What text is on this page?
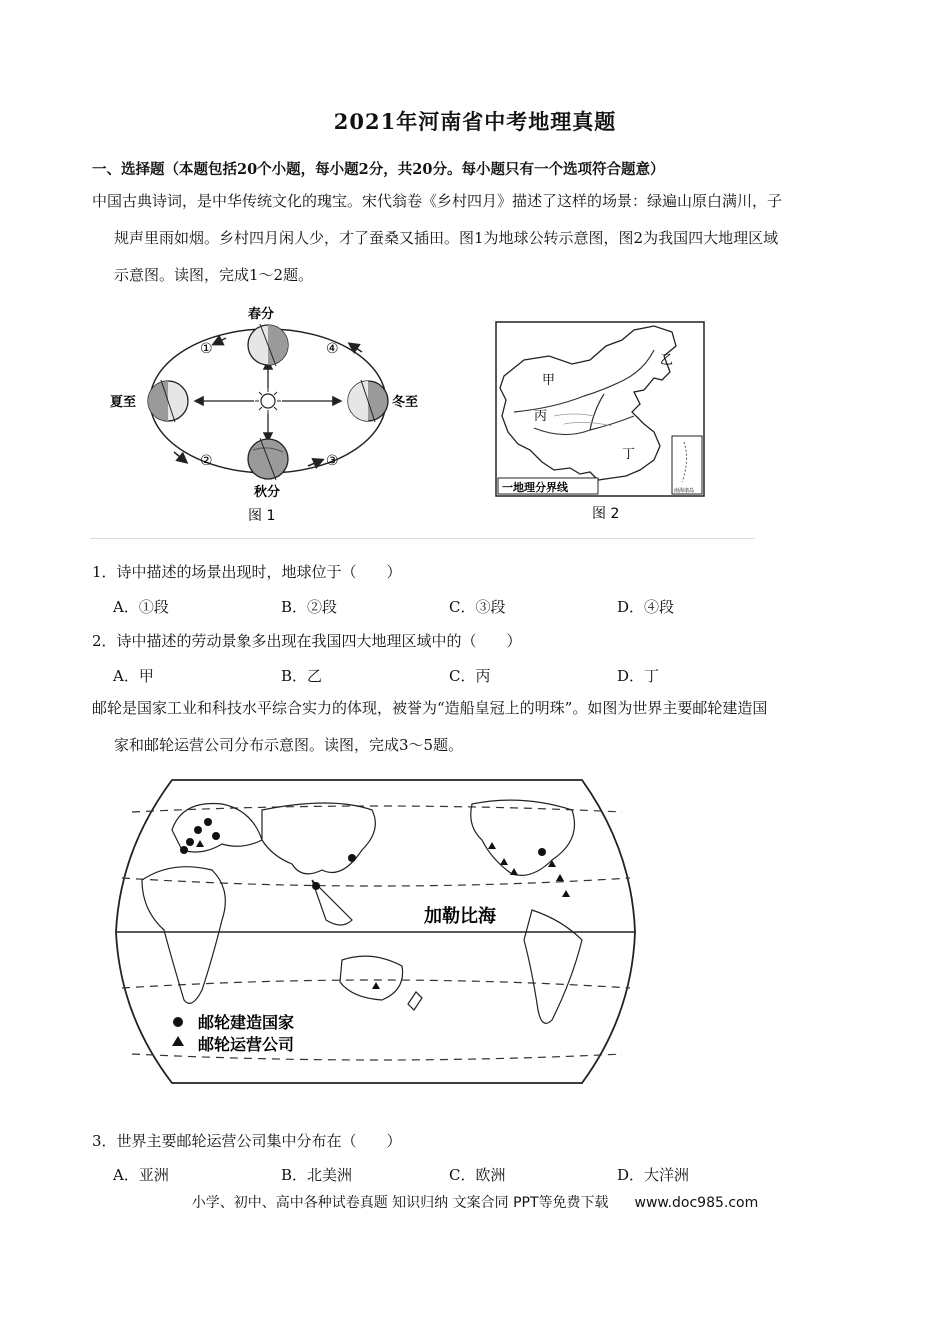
2021年河南省中考地理真题
一、选择题（本题包括20个小题，每小题2分，共20分。每小题只有一个选项符合题意）
中国古典诗词，是中华传统文化的瑰宝。宋代翁卷《乡村四月》描述了这样的场景：绿遍山原白满川，子
规声里雨如烟。乡村四月闲人少，才了蚕桑又插田。图1为地球公转示意图，图2为我国四大地理区域
示意图。读图，完成1～2题。
春分
夏至
秋分
冬至
①
②	③
④
图 1
甲
乙
丙
丁
一地理分界线	南海诸岛
图 2
1．诗中描述的场景出现时，地球位于（　　）
A．①段	B．②段	C．③段	D．④段
2．诗中描述的劳动景象多出现在我国四大地理区域中的（　　）
A．甲	B．乙	C．丙	D．丁
邮轮是国家工业和科技水平综合实力的体现，被誉为“造船皇冠上的明珠”。如图为世界主要邮轮建造国
家和邮轮运营公司分布示意图。读图，完成3～5题。
加勒比海
邮轮建造国家
邮轮运营公司
3．世界主要邮轮运营公司集中分布在（　　）
A．亚洲	B．北美洲	C．欧洲	D．大洋洲
小学、初中、高中各种试卷真题 知识归纳 文案合同 PPT等免费下载 www.doc985.com
